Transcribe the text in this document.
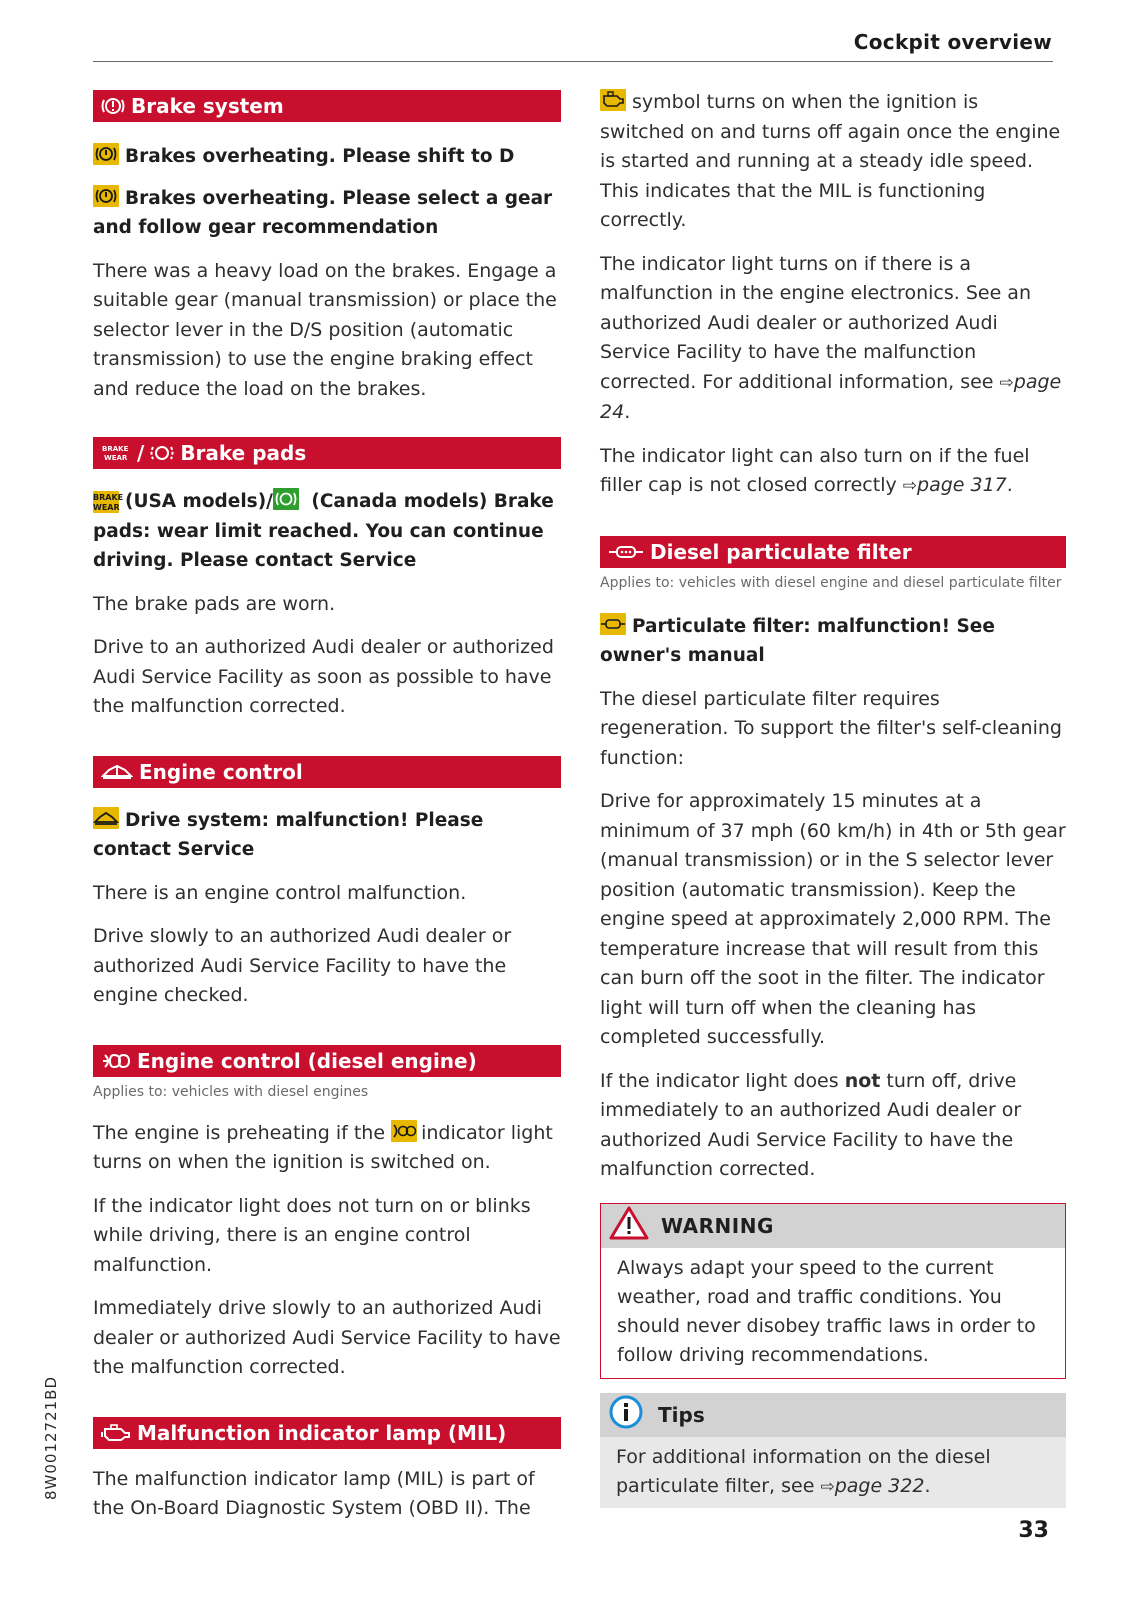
Cockpit overview
Brake system
Brakes overheating. Please shift to D
Brakes overheating. Please select a gear and follow gear recommendation

There was a heavy load on the brakes. Engage a suitable gear (manual transmission) or place the selector lever in the D/S position (automatic transmission) to use the engine braking effect and reduce the load on the brakes.

BRAKE
WEAR / Brake pads
BRAKE
WEAR (USA models)/ (Canada models) Brake pads: wear limit reached. You can continue driving. Please contact Service

The brake pads are worn.

Drive to an authorized Audi dealer or authorized Audi Service Facility as soon as possible to have the malfunction corrected.

Engine control
Drive system: malfunction! Please contact Service

There is an engine control malfunction.

Drive slowly to an authorized Audi dealer or authorized Audi Service Facility to have the engine checked.

Engine control (diesel engine)
Applies to: vehicles with diesel engines

The engine is preheating if the indicator light turns on when the ignition is switched on.

If the indicator light does not turn on or blinks while driving, there is an engine control malfunction.

Immediately drive slowly to an authorized Audi dealer or authorized Audi Service Facility to have the malfunction corrected.

Malfunction indicator lamp (MIL)

The malfunction indicator lamp (MIL) is part of the On-Board Diagnostic System (OBD II). The

symbol turns on when the ignition is switched on and turns off again once the engine is started and running at a steady idle speed. This indicates that the MIL is functioning correctly.

The indicator light turns on if there is a malfunction in the engine electronics. See an authorized Audi dealer or authorized Audi Service Facility to have the malfunction corrected. For additional information, see ⇨page 24.

The indicator light can also turn on if the fuel filler cap is not closed correctly ⇨page 317.

Diesel particulate filter
Applies to: vehicles with diesel engine and diesel particulate filter
Particulate filter: malfunction! See owner's manual

The diesel particulate filter requires regeneration. To support the filter's self-cleaning function:

Drive for approximately 15 minutes at a minimum of 37 mph (60 km/h) in 4th or 5th gear (manual transmission) or in the S selector lever position (automatic transmission). Keep the engine speed at approximately 2,000 RPM. The temperature increase that will result from this can burn off the soot in the filter. The indicator light will turn off when the cleaning has completed successfully.

If the indicator light does not turn off, drive immediately to an authorized Audi dealer or authorized Audi Service Facility to have the malfunction corrected.

WARNING
Always adapt your speed to the current weather, road and traffic conditions. You should never disobey traffic laws in order to follow driving recommendations.
Tips
For additional information on the diesel particulate filter, see ⇨page 322.
8W0012721BD
33
